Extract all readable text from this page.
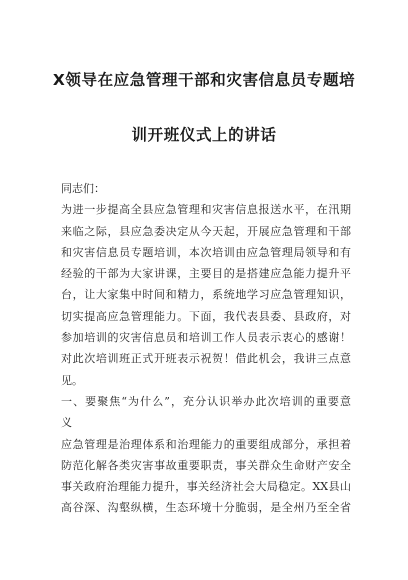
X领导在应急管理干部和灾害信息员专题培
训开班仪式上的讲话
同志们：
为进一步提高全县应急管理和灾害信息报送水平，在汛期
来临之际，县应急委决定从今天起，开展应急管理和干部
和灾害信息员专题培训，本次培训由应急管理局领导和有
经验的干部为大家讲课，主要目的是搭建应急能力提升平
台，让大家集中时间和精力，系统地学习应急管理知识，
切实提高应急管理能力。下面，我代表县委、县政府，对
参加培训的灾害信息员和培训工作人员表示衷心的感谢！
对此次培训班正式开班表示祝贺！借此机会，我讲三点意
见。
一、要聚焦“为什么”，充分认识举办此次培训的重要意
义
应急管理是治理体系和治理能力的重要组成部分，承担着
防范化解各类灾害事故重要职责，事关群众生命财产安全
事关政府治理能力提升，事关经济社会大局稳定。XX县山
高谷深、沟壑纵横，生态环境十分脆弱，是全州乃至全省
